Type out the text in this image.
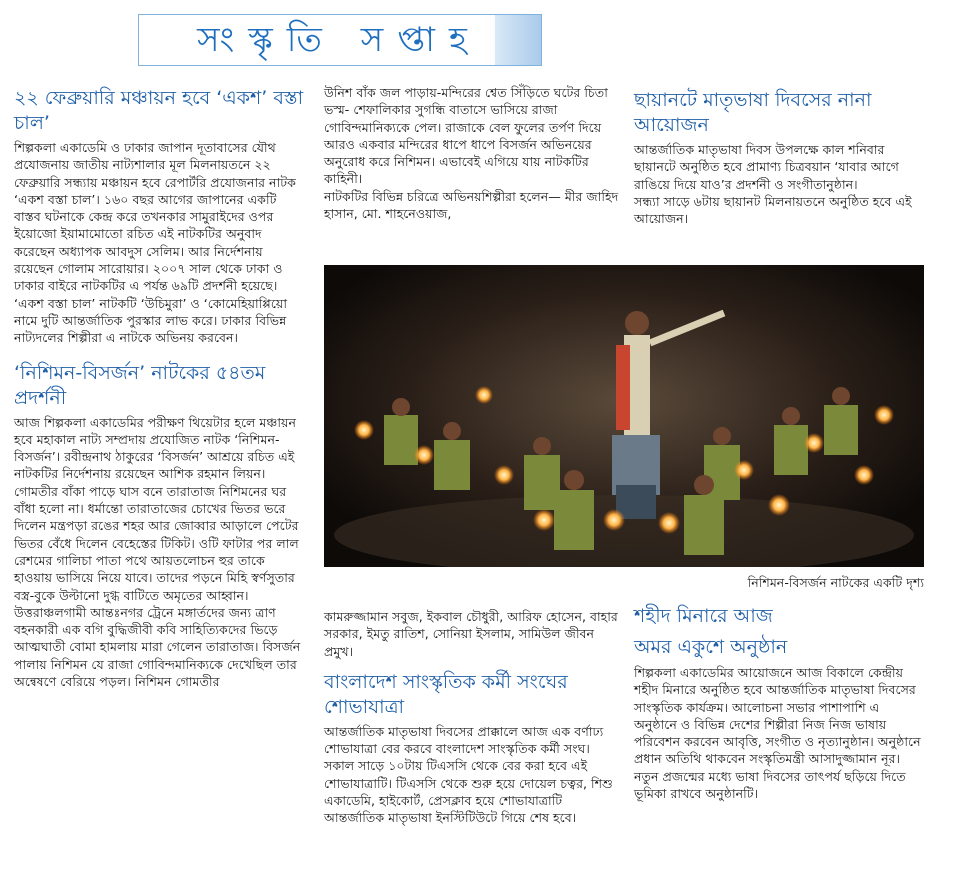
সংস্কৃতি সপ্তাহ
২২ ফেব্রুয়ারি মঞ্চায়ন হবে ‘একশ’ বস্তা চাল’

শিল্পকলা একাডেমি ও ঢাকার জাপান দূতাবাসের যৌথ প্রযোজনায় জাতীয় নাট্যশালার মূল মিলনায়তনে ২২ ফেব্রুয়ারি সন্ধ্যায় মঞ্চায়ন হবে রেপার্টরি প্রযোজনার নাটক ‘একশ বস্তা চাল’। ১৬০ বছর আগের জাপানের একটি বাস্তব ঘটনাকে কেন্দ্র করে তখনকার সামুরাইদের ওপর ইয়োজো ইয়ামামোতো রচিত এই নাটকটির অনুবাদ করেছেন অধ্যাপক আবদুস সেলিম। আর নির্দেশনায় রয়েছেন গোলাম সারোয়ার। ২০০৭ সাল থেকে ঢাকা ও ঢাকার বাইরে নাটকটির এ পর্যন্ত ৬৯টি প্রদর্শনী হয়েছে। ‘একশ বস্তা চাল’ নাটকটি ‘উচিমুরা’ ও ‘কোমেহিয়াপ্পিয়ো নামে দুটি আন্তর্জাতিক পুরস্কার লাভ করে। ঢাকার বিভিন্ন নাট্যদলের শিল্পীরা এ নাটকে অভিনয় করবেন।

‘নিশিমন-বিসর্জন’ নাটকের ৫৪তম প্রদর্শনী

আজ শিল্পকলা একাডেমির পরীক্ষণ থিয়েটার হলে মঞ্চায়ন হবে মহাকাল নাট্য সম্প্রদায় প্রযোজিত নাটক ‘নিশিমন-বিসর্জন’। রবীন্দ্রনাথ ঠাকুরের ‘বিসর্জন’ আশ্রয়ে রচিত এই নাটকটির নির্দেশনায় রয়েছেন আশিক রহমান লিয়ন। গোমতীর বাঁকা পাড়ে ঘাস বনে তারাতাজ নিশিমনের ঘর বাঁধা হলো না। ধর্মান্তো তারাতাজের চোখের ভিতর ভরে দিলেন মন্ত্রপড়া রঙের শহর আর জোব্বার আড়ালে পেটের ভিতর বেঁধে দিলেন বেহেস্তের টিকিট। ওটি ফাটার পর লাল রেশমের গালিচা পাতা পথে আয়তলোচন হুর তাকে হাওয়ায় ভাসিয়ে নিয়ে যাবে। তাদের পড়নে মিহি স্বর্ণসুতার বস্ত্র-বুকে উল্টানো দুগ্ধ বাটিতে অমৃতের আহ্বান।

উত্তরাঞ্চলগামী আন্তঃনগর ট্রেনে মঙ্গার্তদের জন্য ত্রাণ বহনকারী এক বগি বুদ্ধিজীবী কবি সাহিত্যিকদের ভিড়ে আত্মঘাতী বোমা হামলায় মারা গেলেন তারাতাজ। বিসর্জন পালায় নিশিমন যে রাজা গোবিন্দমানিক্যকে দেখেছিল তার অন্বেষণে বেরিয়ে পড়ল। নিশিমন গোমতীর

উনিশ বাঁক জল পাড়ায়-মন্দিরের শ্বেত সিঁড়িতে ঘটের চিতা ভস্ম- শেফালিকার সুগন্ধি বাতাসে ভাসিয়ে রাজা গোবিন্দমানিক্যকে পেল। রাজাকে বেল ফুলের তর্পণ দিয়ে আরও একবার মন্দিরের ধাপে ধাপে বিসর্জন অভিনয়ের অনুরোধ করে নিশিমন। এভাবেই এগিয়ে যায় নাটকটির কাহিনী।

নাটকটির বিভিন্ন চরিত্রে অভিনয়শিল্পীরা হলেন— মীর জাহিদ হাসান, মো. শাহনেওয়াজ,

ছায়ানটে মাতৃভাষা দিবসের নানা আয়োজন

আন্তর্জাতিক মাতৃভাষা দিবস উপলক্ষে কাল শনিবার ছায়ানটে অনুষ্ঠিত হবে প্রামাণ্য চিত্রবয়ান ‘যাবার আগে রাঙিয়ে দিয়ে যাও’র প্রদর্শনী ও সংগীতানুষ্ঠান।

সন্ধ্যা সাড়ে ৬টায় ছায়ানট মিলনায়তনে অনুষ্ঠিত হবে এই আয়োজন।

নিশিমন-বিসর্জন নাটকের একটি দৃশ্য

কামরুজ্জামান সবুজ, ইকবাল চৌধুরী, আরিফ হোসেন, বাহার সরকার, ইমতু রাতিশ, সোনিয়া ইসলাম, সামিউল জীবন প্রমুখ।

বাংলাদেশ সাংস্কৃতিক কর্মী সংঘের শোভাযাত্রা

আন্তর্জাতিক মাতৃভাষা দিবসের প্রাক্কালে আজ এক বর্ণাঢ্য শোভাযাত্রা বের করবে বাংলাদেশ সাংস্কৃতিক কর্মী সংঘ। সকাল সাড়ে ১০টায় টিএসসি থেকে বের করা হবে এই শোভাযাত্রাটি। টিএসসি থেকে শুরু হয়ে দোয়েল চত্বর, শিশু একাডেমি, হাইকোর্ট, প্রেসক্লাব হয়ে শোভাযাত্রাটি আন্তর্জাতিক মাতৃভাষা ইনস্টিটিউটে গিয়ে শেষ হবে।

শহীদ মিনারে আজ
অমর একুশে অনুষ্ঠান

শিল্পকলা একাডেমির আয়োজনে আজ বিকালে কেন্দ্রীয় শহীদ মিনারে অনুষ্ঠিত হবে আন্তর্জাতিক মাতৃভাষা দিবসের সাংস্কৃতিক কার্যক্রম। আলোচনা সভার পাশাপাশি এ অনুষ্ঠানে ও বিভিন্ন দেশের শিল্পীরা নিজ নিজ ভাষায় পরিবেশন করবেন আবৃত্তি, সংগীত ও নৃত্যানুষ্ঠান। অনুষ্ঠানে প্রধান অতিথি থাকবেন সংস্কৃতিমন্ত্রী আসাদুজ্জামান নূর। নতুন প্রজন্মের মধ্যে ভাষা দিবসের তাৎপর্য ছড়িয়ে দিতে ভূমিকা রাখবে অনুষ্ঠানটি।
